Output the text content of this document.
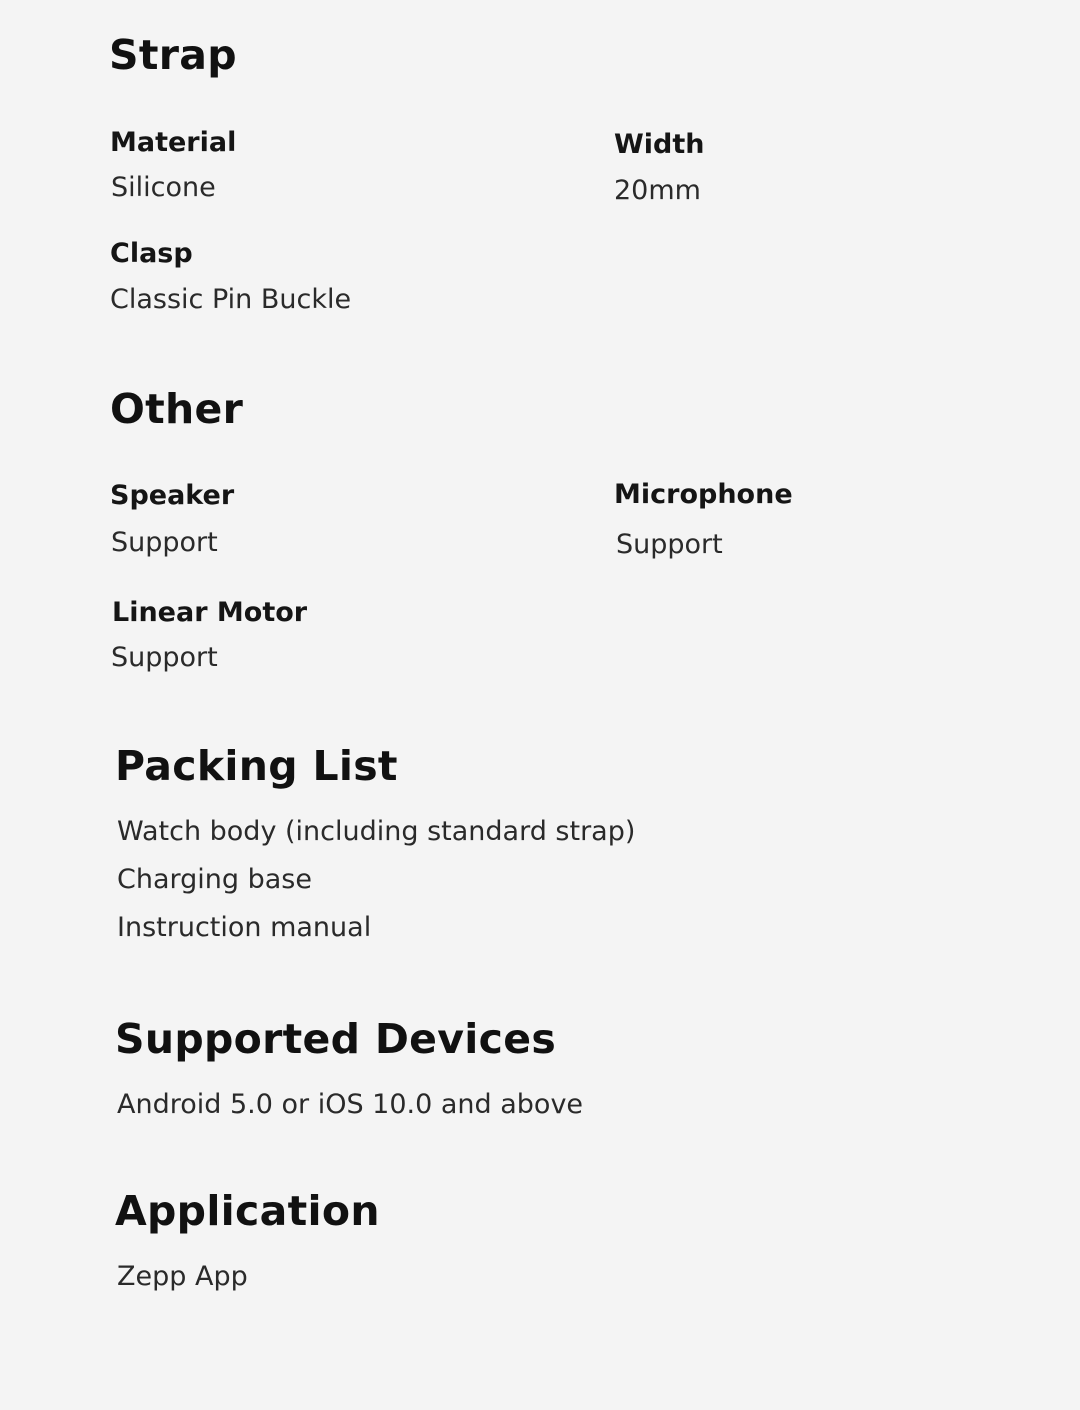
Strap
Material
Silicone
Width
20mm
Clasp
Classic Pin Buckle
Other
Speaker
Support
Microphone
Support
Linear Motor
Support
Packing List
Watch body (including standard strap)
Charging base
Instruction manual
Supported Devices
Android 5.0 or iOS 10.0 and above
Application
Zepp App
